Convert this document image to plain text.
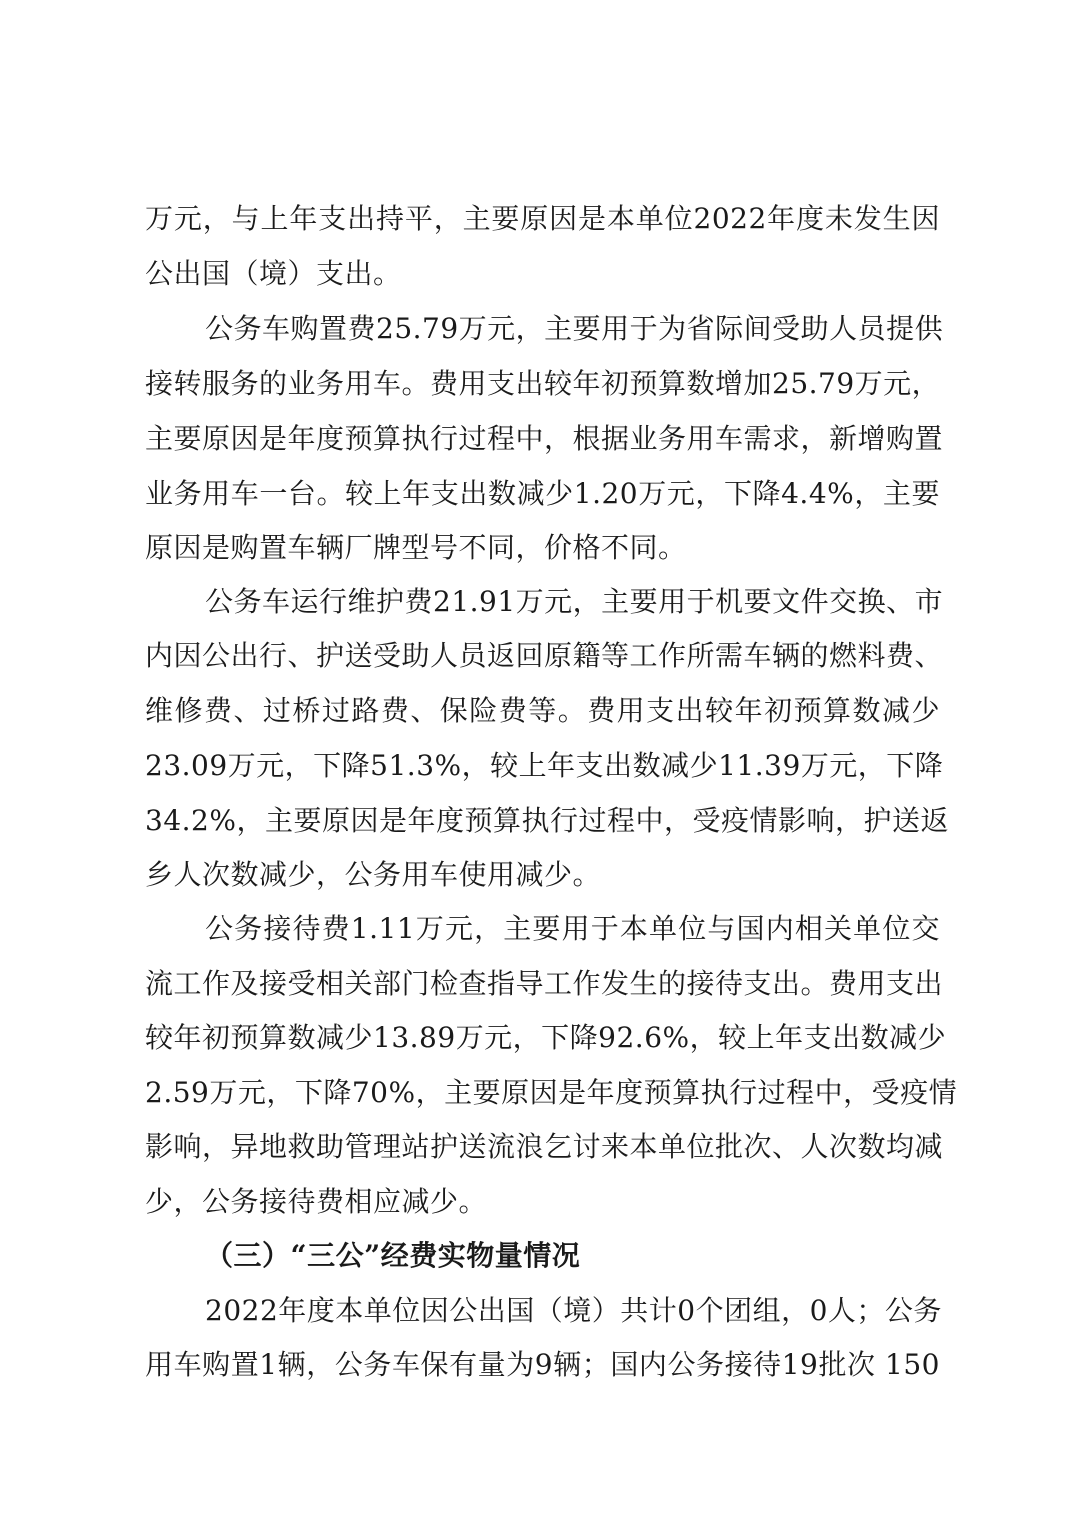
万元，与上年支出持平，主要原因是本单位2022年度未发生因
公出国（境）支出。
公务车购置费25.79万元，主要用于为省际间受助人员提供
接转服务的业务用车。费用支出较年初预算数增加25.79万元，
主要原因是年度预算执行过程中，根据业务用车需求，新增购置
业务用车一台。较上年支出数减少1.20万元，下降4.4%，主要
原因是购置车辆厂牌型号不同，价格不同。
公务车运行维护费21.91万元，主要用于机要文件交换、市
内因公出行、护送受助人员返回原籍等工作所需车辆的燃料费、
维修费、过桥过路费、保险费等。费用支出较年初预算数减少
23.09万元，下降51.3%，较上年支出数减少11.39万元，下降
34.2%，主要原因是年度预算执行过程中，受疫情影响，护送返
乡人次数减少，公务用车使用减少。
公务接待费1.11万元，主要用于本单位与国内相关单位交
流工作及接受相关部门检查指导工作发生的接待支出。费用支出
较年初预算数减少13.89万元，下降92.6%，较上年支出数减少
2.59万元，下降70%，主要原因是年度预算执行过程中，受疫情
影响，异地救助管理站护送流浪乞讨来本单位批次、人次数均减
少，公务接待费相应减少。
（三）“三公”经费实物量情况
2022年度本单位因公出国（境）共计0个团组，0人；公务
用车购置1辆，公务车保有量为9辆；国内公务接待19批次 150
